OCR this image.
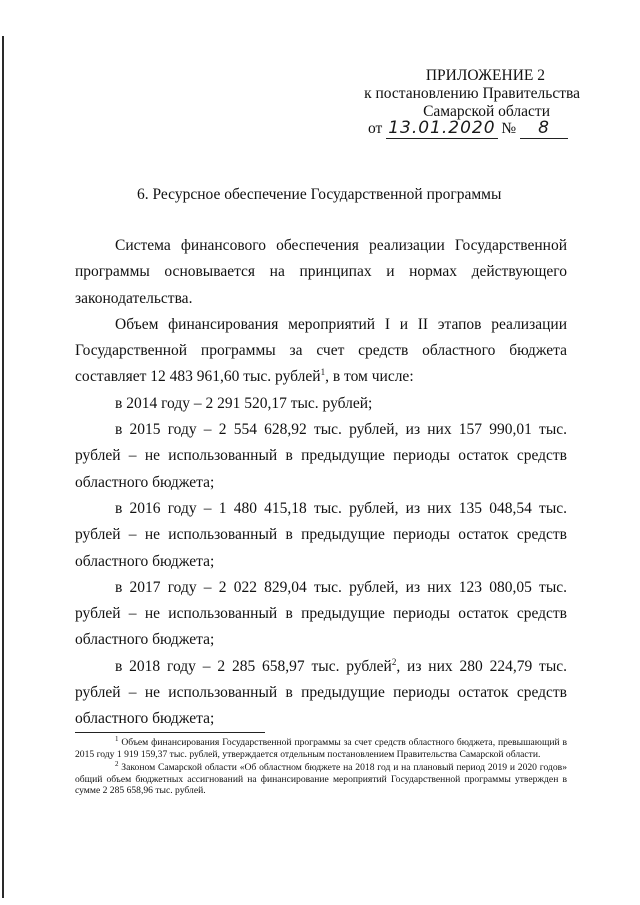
ПРИЛОЖЕНИЕ 2
к постановлению Правительства
Самарской области
от 13.01.2020 № 8
6. Ресурсное обеспечение Государственной программы

Система финансового обеспечения реализации Государственной программы основывается на принципах и нормах действующего законодательства.

Объем финансирования мероприятий I и II этапов реализации Государственной программы за счет средств областного бюджета составляет 12 483 961,60 тыс. рублей$^1$, в том числе:

в 2014 году – 2 291 520,17 тыс. рублей;

в 2015 году – 2 554 628,92 тыс. рублей, из них 157 990,01 тыс. рублей – не использованный в предыдущие периоды остаток средств областного бюджета;

в 2016 году – 1 480 415,18 тыс. рублей, из них 135 048,54 тыс. рублей – не использованный в предыдущие периоды остаток средств областного бюджета;

в 2017 году – 2 022 829,04 тыс. рублей, из них 123 080,05 тыс. рублей – не использованный в предыдущие периоды остаток средств областного бюджета;

в 2018 году – 2 285 658,97 тыс. рублей$^2$, из них 280 224,79 тыс. рублей – не использованный в предыдущие периоды остаток средств областного бюджета;

$^1$ Объем финансирования Государственной программы за счет средств областного бюджета, превышающий в 2015 году 1 919 159,37 тыс. рублей, утверждается отдельным постановлением Правительства Самарской области.

$^2$ Законом Самарской области «Об областном бюджете на 2018 год и на плановый период 2019 и 2020 годов» общий объем бюджетных ассигнований на финансирование мероприятий Государственной программы утвержден в сумме 2 285 658,96 тыс. рублей.
